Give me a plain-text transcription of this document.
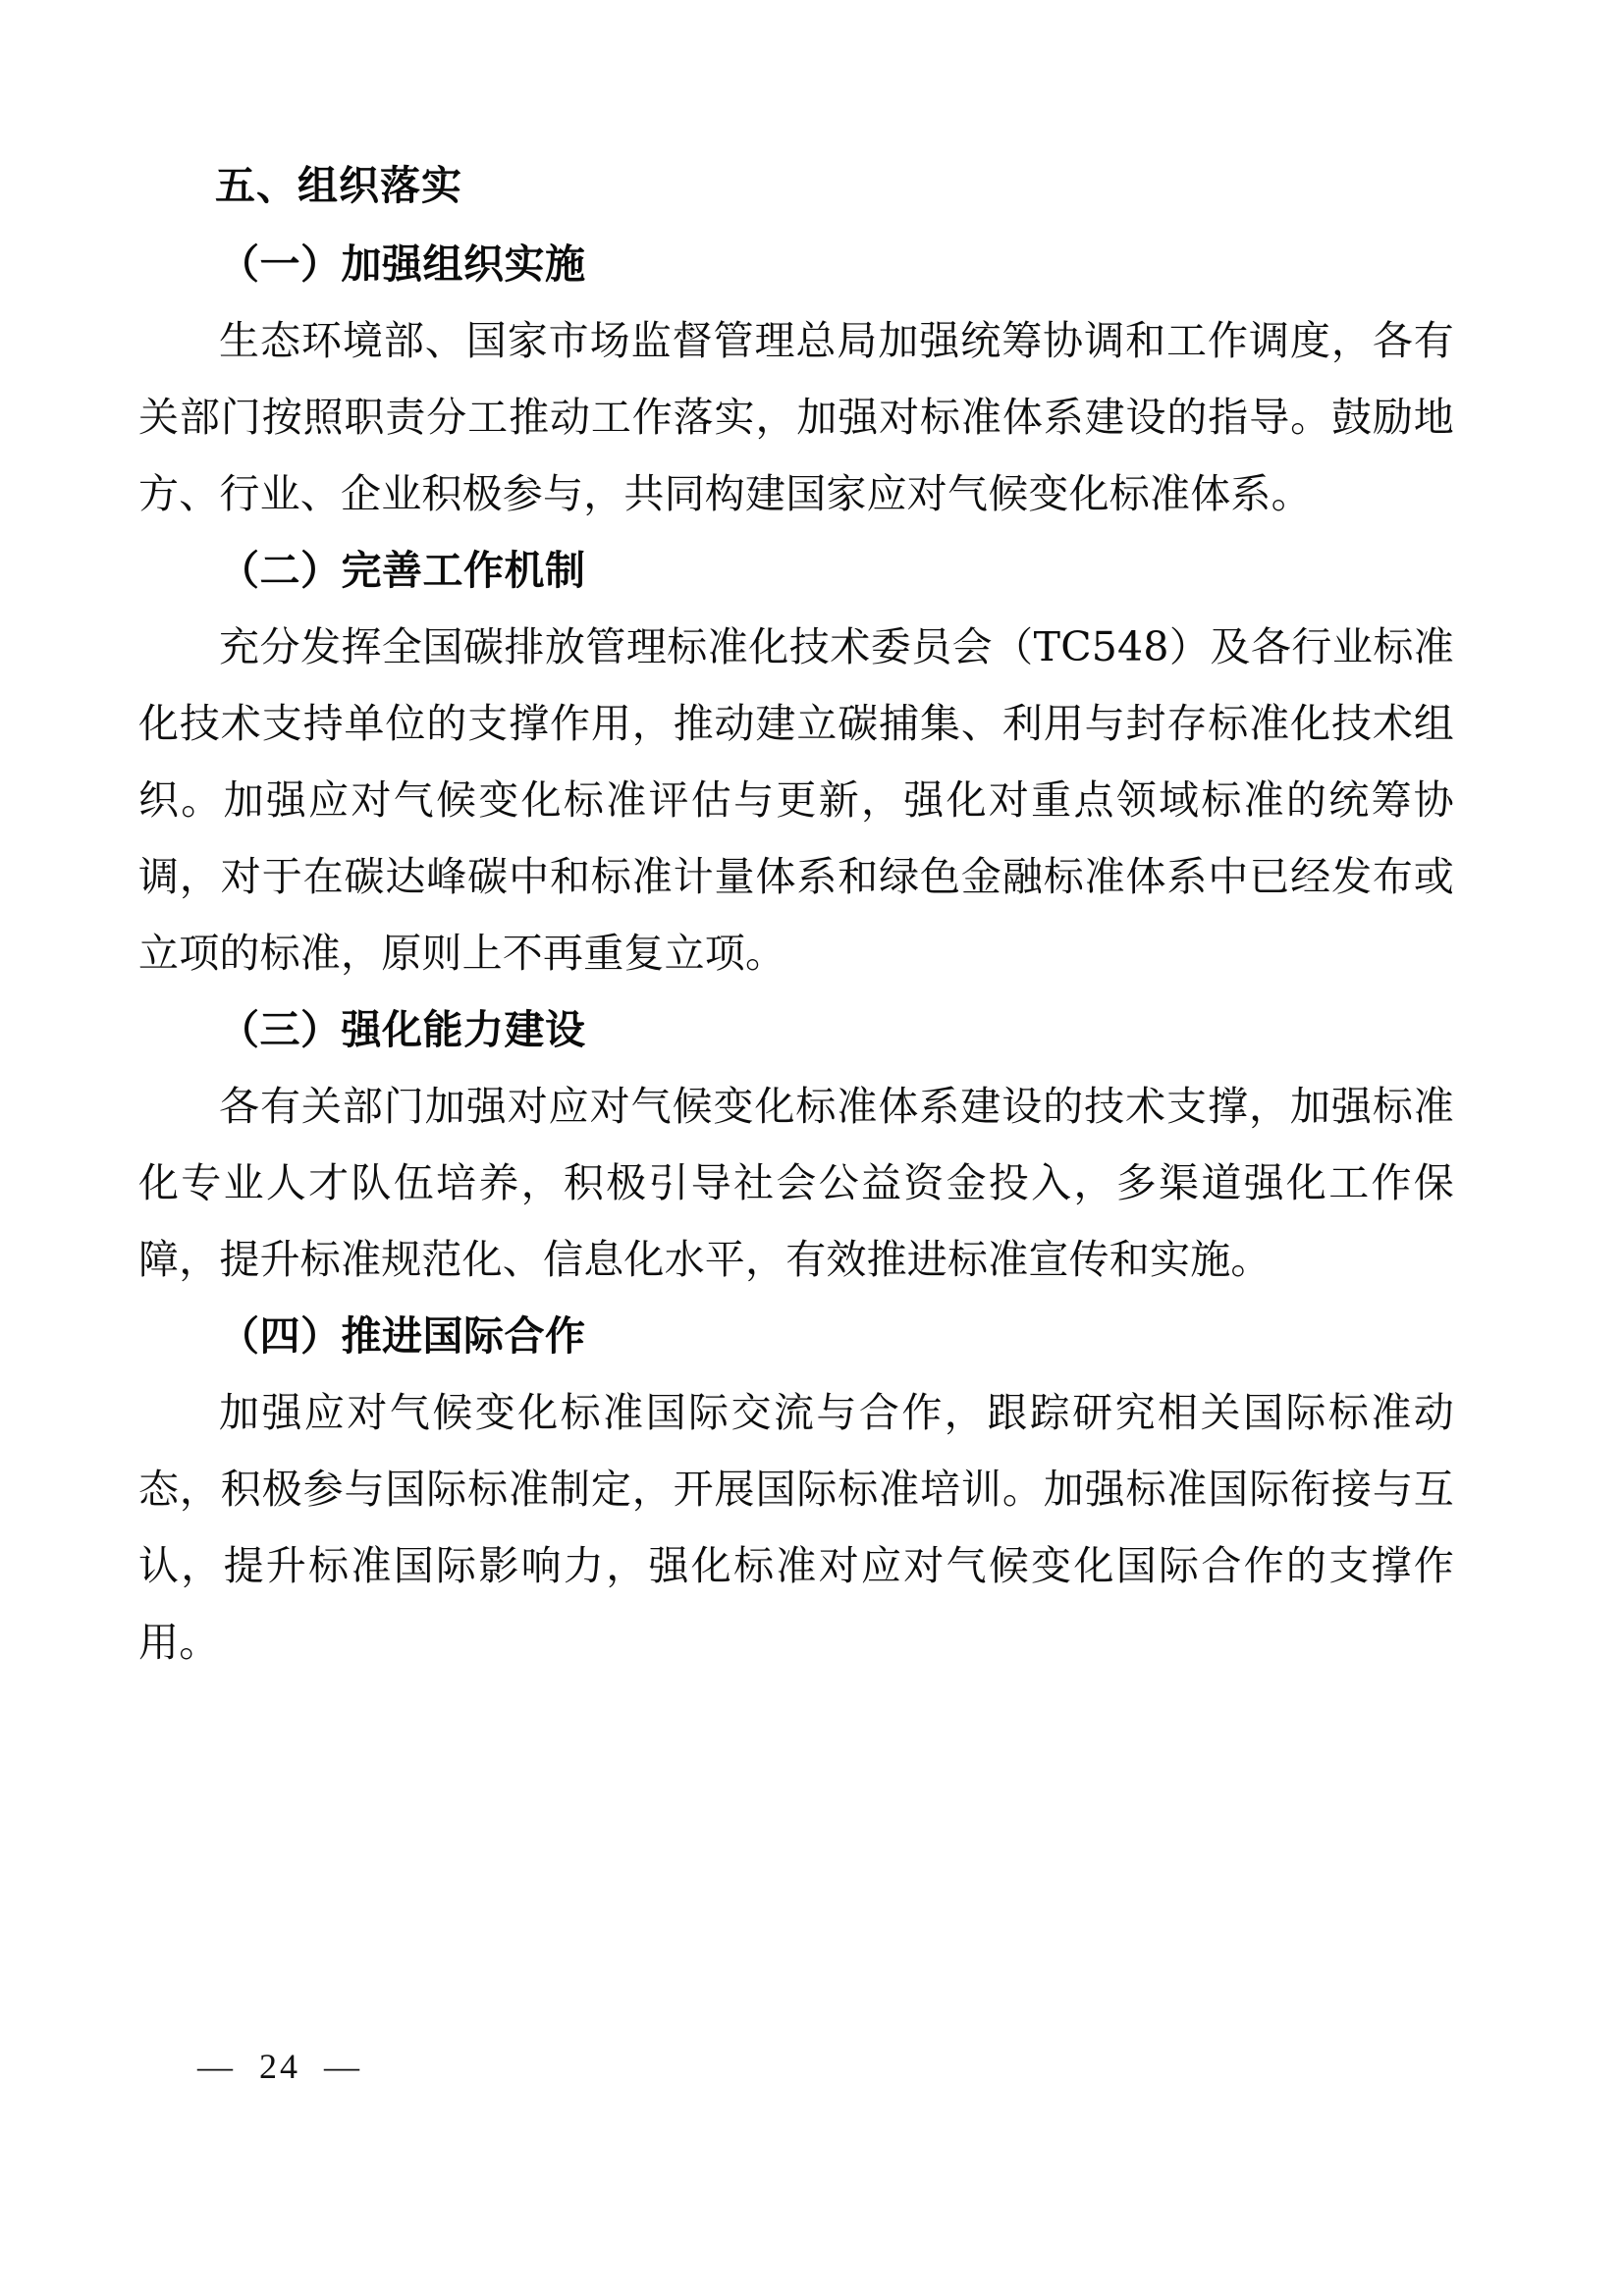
五、组织落实
（一）加强组织实施

生态环境部、国家市场监督管理总局加强统筹协调和工作调度，各有关部门按照职责分工推动工作落实，加强对标准体系建设的指导。鼓励地方、行业、企业积极参与，共同构建国家应对气候变化标准体系。

（二）完善工作机制

充分发挥全国碳排放管理标准化技术委员会（TC548）及各行业标准化技术支持单位的支撑作用，推动建立碳捕集、利用与封存标准化技术组织。加强应对气候变化标准评估与更新，强化对重点领域标准的统筹协调，对于在碳达峰碳中和标准计量体系和绿色金融标准体系中已经发布或立项的标准，原则上不再重复立项。

（三）强化能力建设

各有关部门加强对应对气候变化标准体系建设的技术支撑，加强标准化专业人才队伍培养，积极引导社会公益资金投入，多渠道强化工作保障，提升标准规范化、信息化水平，有效推进标准宣传和实施。

（四）推进国际合作

加强应对气候变化标准国际交流与合作，跟踪研究相关国际标准动态，积极参与国际标准制定，开展国际标准培训。加强标准国际衔接与互认，提升标准国际影响力，强化标准对应对气候变化国际合作的支撑作用。

—  24  —
